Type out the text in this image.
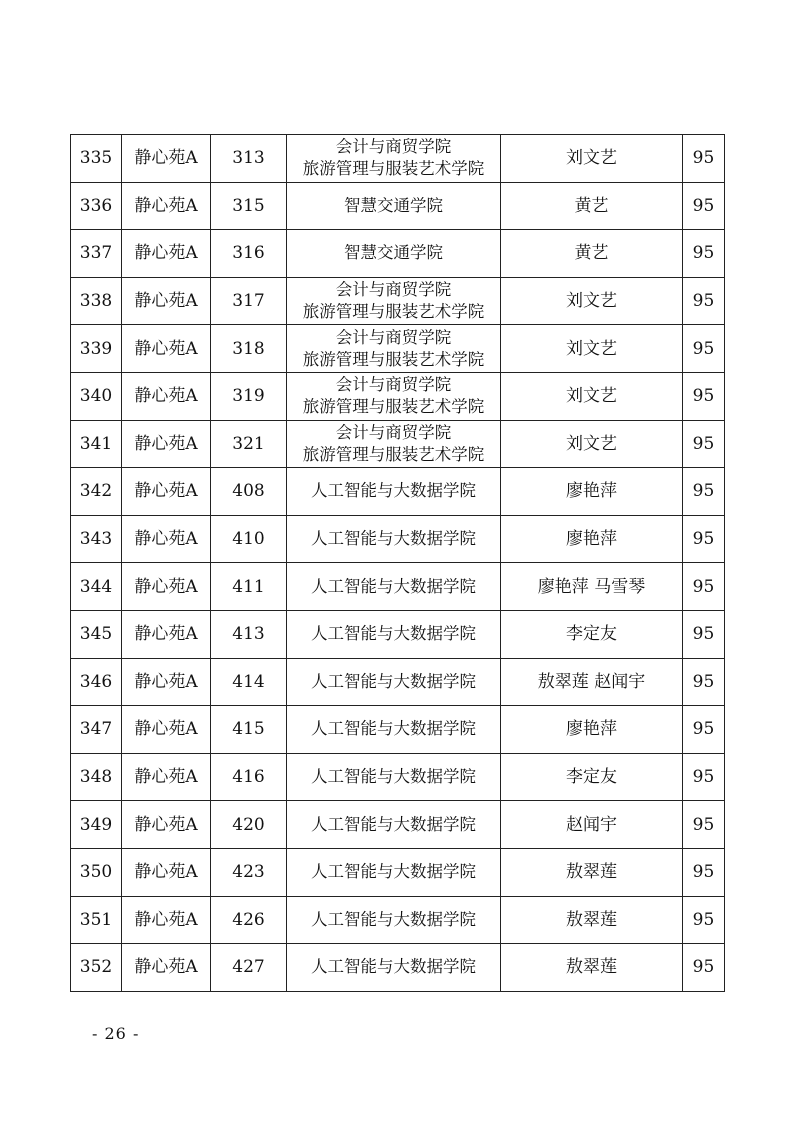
335	静心苑A	313	会计与商贸学院
旅游管理与服装艺术学院	刘文艺	95
336	静心苑A	315	智慧交通学院	黄艺	95
337	静心苑A	316	智慧交通学院	黄艺	95
338	静心苑A	317	会计与商贸学院
旅游管理与服装艺术学院	刘文艺	95
339	静心苑A	318	会计与商贸学院
旅游管理与服装艺术学院	刘文艺	95
340	静心苑A	319	会计与商贸学院
旅游管理与服装艺术学院	刘文艺	95
341	静心苑A	321	会计与商贸学院
旅游管理与服装艺术学院	刘文艺	95
342	静心苑A	408	人工智能与大数据学院	廖艳萍	95
343	静心苑A	410	人工智能与大数据学院	廖艳萍	95
344	静心苑A	411	人工智能与大数据学院	廖艳萍 马雪琴	95
345	静心苑A	413	人工智能与大数据学院	李定友	95
346	静心苑A	414	人工智能与大数据学院	敖翠莲 赵闻宇	95
347	静心苑A	415	人工智能与大数据学院	廖艳萍	95
348	静心苑A	416	人工智能与大数据学院	李定友	95
349	静心苑A	420	人工智能与大数据学院	赵闻宇	95
350	静心苑A	423	人工智能与大数据学院	敖翠莲	95
351	静心苑A	426	人工智能与大数据学院	敖翠莲	95
352	静心苑A	427	人工智能与大数据学院	敖翠莲	95
- 26 -
